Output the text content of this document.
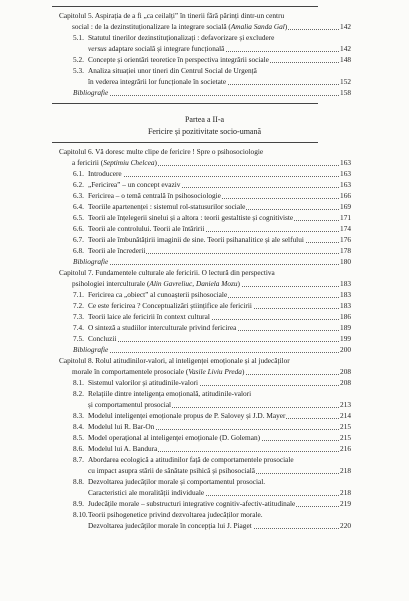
Partea a II-a
Fericire și pozitivitate socio-umană
Capitolul 5. Aspirația de a fi „ca ceilalți” în tinerii fără părinți dintr-un centru
social : de la dezinstituționalizare la integrare socială (Amalia Sanda Gal)	142
5.1. Statutul tinerilor dezinstituționalizați : defavorizare și excludere
versus adaptare socială și integrare funcțională	142
5.2. Concepte și orientări teoretice în perspectiva integrării sociale	148
5.3. Analiza situației unor tineri din Centrul Social de Urgență
în vederea integrării lor funcționale în societate	152
Bibliografie	158
Capitolul 6. Vă doresc multe clipe de fericire ! Spre o psihosociologie
a fericirii (Septimiu Chelcea)	163
6.1. Introducere	163
6.2. „Fericirea” – un concept evaziv	163
6.3. Fericirea – o temă centrală în psihosociologie	166
6.4. Teoriile apartenenței : sistemul rol-statusurilor sociale	169
6.5. Teorii ale înțelegerii sinelui și a altora : teorii gestaltiste și cognitiviste	171
6.6. Teorii ale controlului. Teorii ale întăririi	174
6.7. Teorii ale îmbunătățirii imaginii de sine. Teorii psihanalitice și ale selfului	176
6.8. Teorii ale încrederii	178
Bibliografie	180
Capitolul 7. Fundamentele culturale ale fericirii. O lectură din perspectiva
psihologiei interculturale (Alin Gavreliuc, Daniela Mozu)	183
7.1. Fericirea ca „obiect” al cunoașterii psihosociale	183
7.2. Ce este fericirea ? Conceptualizări științifice ale fericirii	183
7.3. Teorii laice ale fericirii în context cultural	186
7.4. O sinteză a studiilor interculturale privind fericirea	189
7.5. Concluzii	199
Bibliografie	200
Capitolul 8. Rolul atitudinilor-valori, al inteligenței emoționale și al judecăților
morale în comportamentele prosociale (Vasile Liviu Preda)	208
8.1. Sistemul valorilor și atitudinile-valori	208
8.2. Relațiile dintre inteligența emoțională, atitudinile-valori
și comportamentul prosocial	213
8.3. Modelul inteligenței emoționale propus de P. Salovey și J.D. Mayer	214
8.4. Modelul lui R. Bar-On	215
8.5. Model operațional al inteligenței emoționale (D. Goleman)	215
8.6. Modelul lui A. Bandura	216
8.7. Abordarea ecologică a atitudinilor față de comportamentele prosociale
cu impact asupra stării de sănătate psihică și psihosocială	218
8.8. Dezvoltarea judecăților morale și comportamentul prosocial.
Caracteristici ale moralității individuale	218
8.9. Judecățile morale – substructuri integrative cognitiv-afectiv-atitudinale	219
8.10.Teorii psihogenetice privind dezvoltarea judecăților morale.
Dezvoltarea judecăților morale în concepția lui J. Piaget	220
